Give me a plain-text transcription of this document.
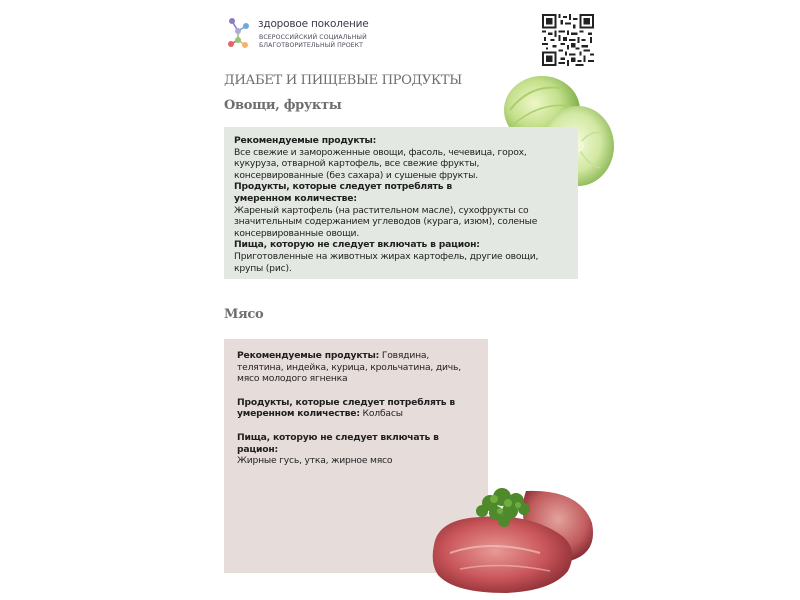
здоровое поколение
ВСЕРОССИЙСКИЙ СОЦИАЛЬНЫЙ
БЛАГОТВОРИТЕЛЬНЫЙ ПРОЕКТ
ДИАБЕТ И ПИЩЕВЫЕ ПРОДУКТЫ
Овощи, фрукты
Рекомендуемые продукты:
Все свежие и замороженные овощи, фасоль, чечевица, горох, кукуруза, отварной картофель, все свежие фрукты, консервированные (без сахара) и сушеные фрукты.
Продукты, которые следует потреблять в умеренном количестве:
Жареный картофель (на растительном масле), сухофрукты со значительным содержанием углеводов (курага, изюм), соленые консервированные овощи.
Пища, которую не следует включать в рацион:
Приготовленные на животных жирах картофель, другие овощи, крупы (рис).
Мясо

Рекомендуемые продукты: Говядина, телятина, индейка, курица, крольчатина, дичь, мясо молодого ягненка

Продукты, которые следует потреблять в умеренном количестве: Колбасы

Пища, которую не следует включать в рацион:
Жирные гусь, утка, жирное мясо
